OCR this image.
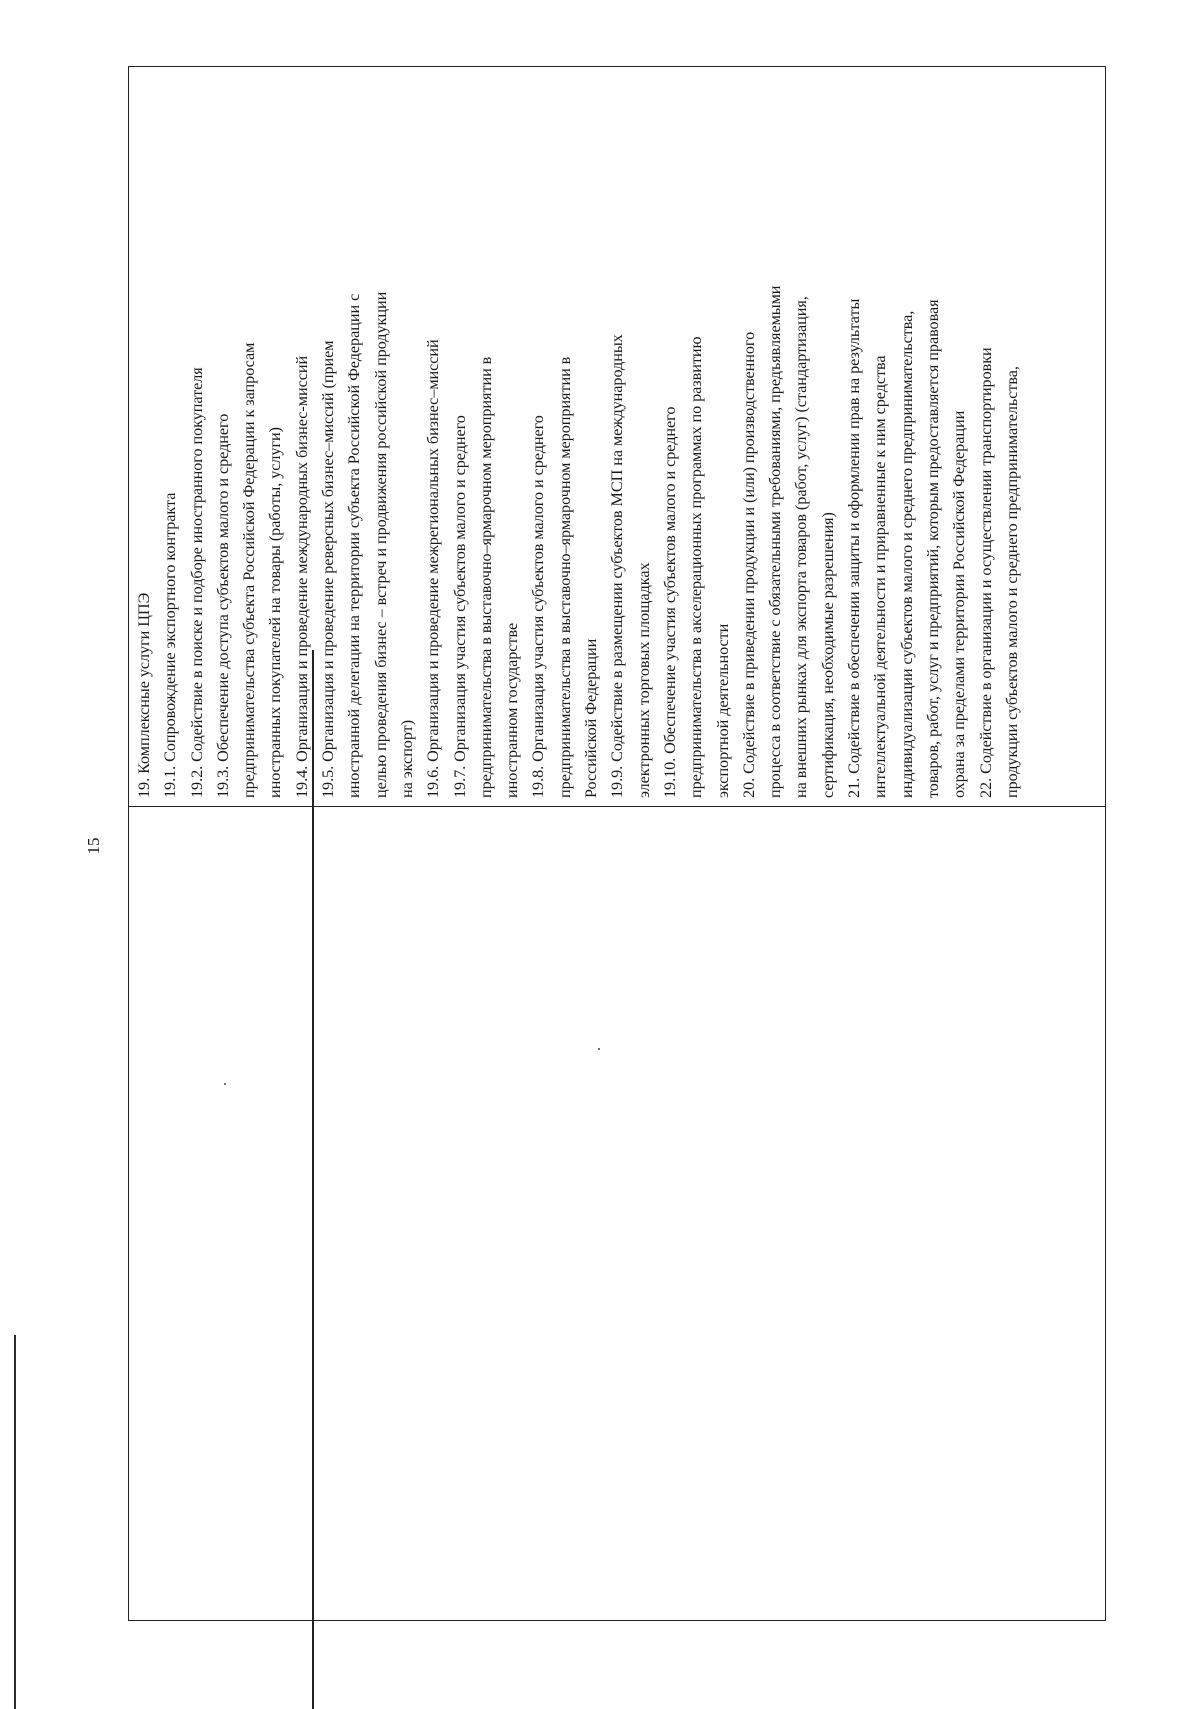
15
19. Комплексные услуги ЦПЭ 19.1. Сопровождение экспортного контракта 19.2. Содействие в поиске и подборе иностранного покупателя 19.3. Обеспечение доступа субъектов малого и среднего предпринимательства субъекта Российской Федерации к запросам иностранных покупателей на товары (работы, услуги) 19.4. Организация и проведение международных бизнес-миссий 19.5. Организация и проведение реверсных бизнес–миссий (прием иностранной делегации на территории субъекта Российской Федерации с целью проведения бизнес – встреч и продвижения российской продукции на экспорт) 19.6. Организация и проведение межрегиональных бизнес–миссий 19.7. Организация участия субъектов малого и среднего предпринимательства в выставочно–ярмарочном мероприятии в иностранном государстве 19.8. Организация участия субъектов малого и среднего предпринимательства в выставочно–ярмарочном мероприятии в Российской Федерации 19.9. Содействие в размещении субъектов МСП на международных электронных торговых площадках 19.10. Обеспечение участия субъектов малого и среднего предпринимательства в акселерационных программах по развитию экспортной деятельности 20. Содействие в приведении продукции и (или) производственного процесса в соответствие с обязательными требованиями, предъявляемыми на внешних рынках для экспорта товаров (работ, услуг) (стандартизация, сертификация, необходимые разрешения) 21. Содействие в обеспечении защиты и оформлении прав на результаты интеллектуальной деятельности и приравненные к ним средства индивидуализации субъектов малого и среднего предпринимательства, товаров, работ, услуг и предприятий, которым предоставляется правовая охрана за пределами территории Российской Федерации 22. Содействие в организации и осуществлении транспортировки продукции субъектов малого и среднего предпринимательства,
